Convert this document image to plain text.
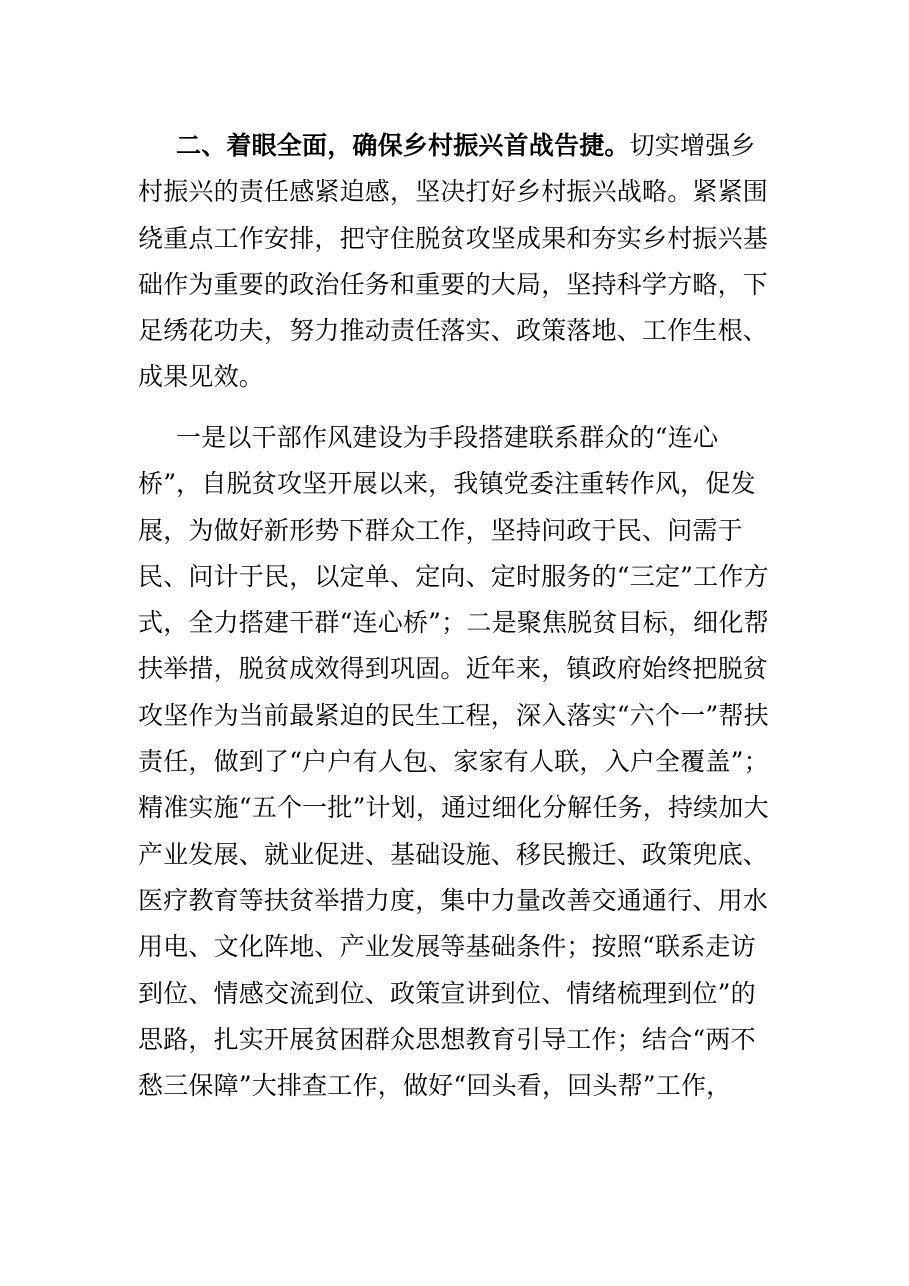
二、着眼全面，确保乡村振兴首战告捷。切实增强乡村振兴的责任感紧迫感，坚决打好乡村振兴战略。紧紧围绕重点工作安排，把守住脱贫攻坚成果和夯实乡村振兴基础作为重要的政治任务和重要的大局，坚持科学方略，下足绣花功夫，努力推动责任落实、政策落地、工作生根、成果见效。

一是以干部作风建设为手段搭建联系群众的“连心桥”，自脱贫攻坚开展以来，我镇党委注重转作风，促发展，为做好新形势下群众工作，坚持问政于民、问需于民、问计于民，以定单、定向、定时服务的“三定”工作方式，全力搭建干群“连心桥”；二是聚焦脱贫目标，细化帮扶举措，脱贫成效得到巩固。近年来，镇政府始终把脱贫攻坚作为当前最紧迫的民生工程，深入落实“六个一”帮扶责任，做到了“户户有人包、家家有人联，入户全覆盖”；精准实施“五个一批”计划，通过细化分解任务，持续加大产业发展、就业促进、基础设施、移民搬迁、政策兜底、医疗教育等扶贫举措力度，集中力量改善交通通行、用水用电、文化阵地、产业发展等基础条件；按照“联系走访到位、情感交流到位、政策宣讲到位、情绪梳理到位”的思路，扎实开展贫困群众思想教育引导工作；结合“两不愁三保障”大排查工作，做好“回头看，回头帮”工作，
